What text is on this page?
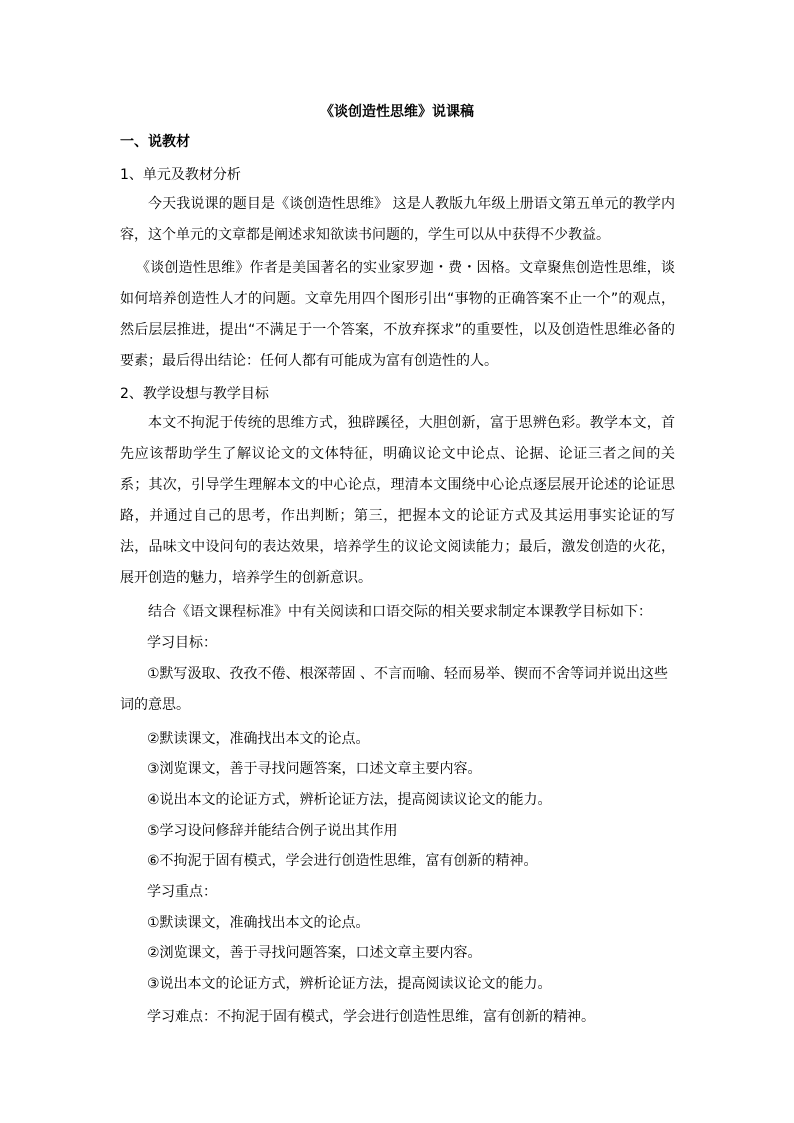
《谈创造性思维》说课稿
一、说教材
1、单元及教材分析
今天我说课的题目是《谈创造性思维》 这是人教版九年级上册语文第五单元的教学内容，这个单元的文章都是阐述求知欲读书问题的，学生可以从中获得不少教益。
《谈创造性思维》作者是美国著名的实业家罗迦・费・因格。文章聚焦创造性思维，谈如何培养创造性人才的问题。文章先用四个图形引出“事物的正确答案不止一个”的观点，然后层层推进，提出“不满足于一个答案，不放弃探求”的重要性，以及创造性思维必备的要素；最后得出结论：任何人都有可能成为富有创造性的人。
2、教学设想与教学目标
本文不拘泥于传统的思维方式，独辟蹊径，大胆创新，富于思辨色彩。教学本文，首先应该帮助学生了解议论文的文体特征，明确议论文中论点、论据、论证三者之间的关系；其次，引导学生理解本文的中心论点，理清本文围绕中心论点逐层展开论述的论证思路，并通过自己的思考，作出判断；第三，把握本文的论证方式及其运用事实论证的写法，品味文中设问句的表达效果，培养学生的议论文阅读能力；最后，激发创造的火花，展开创造的魅力，培养学生的创新意识。
结合《语文课程标准》中有关阅读和口语交际的相关要求制定本课教学目标如下：
学习目标：
①默写汲取、孜孜不倦、根深蒂固 、不言而喻、轻而易举、锲而不舍等词并说出这些词的意思。
②默读课文，准确找出本文的论点。
③浏览课文，善于寻找问题答案，口述文章主要内容。
④说出本文的论证方式，辨析论证方法，提高阅读议论文的能力。
⑤学习设问修辞并能结合例子说出其作用
⑥不拘泥于固有模式，学会进行创造性思维，富有创新的精神。
学习重点：
①默读课文，准确找出本文的论点。
②浏览课文，善于寻找问题答案，口述文章主要内容。
③说出本文的论证方式，辨析论证方法，提高阅读议论文的能力。
学习难点：不拘泥于固有模式，学会进行创造性思维，富有创新的精神。
